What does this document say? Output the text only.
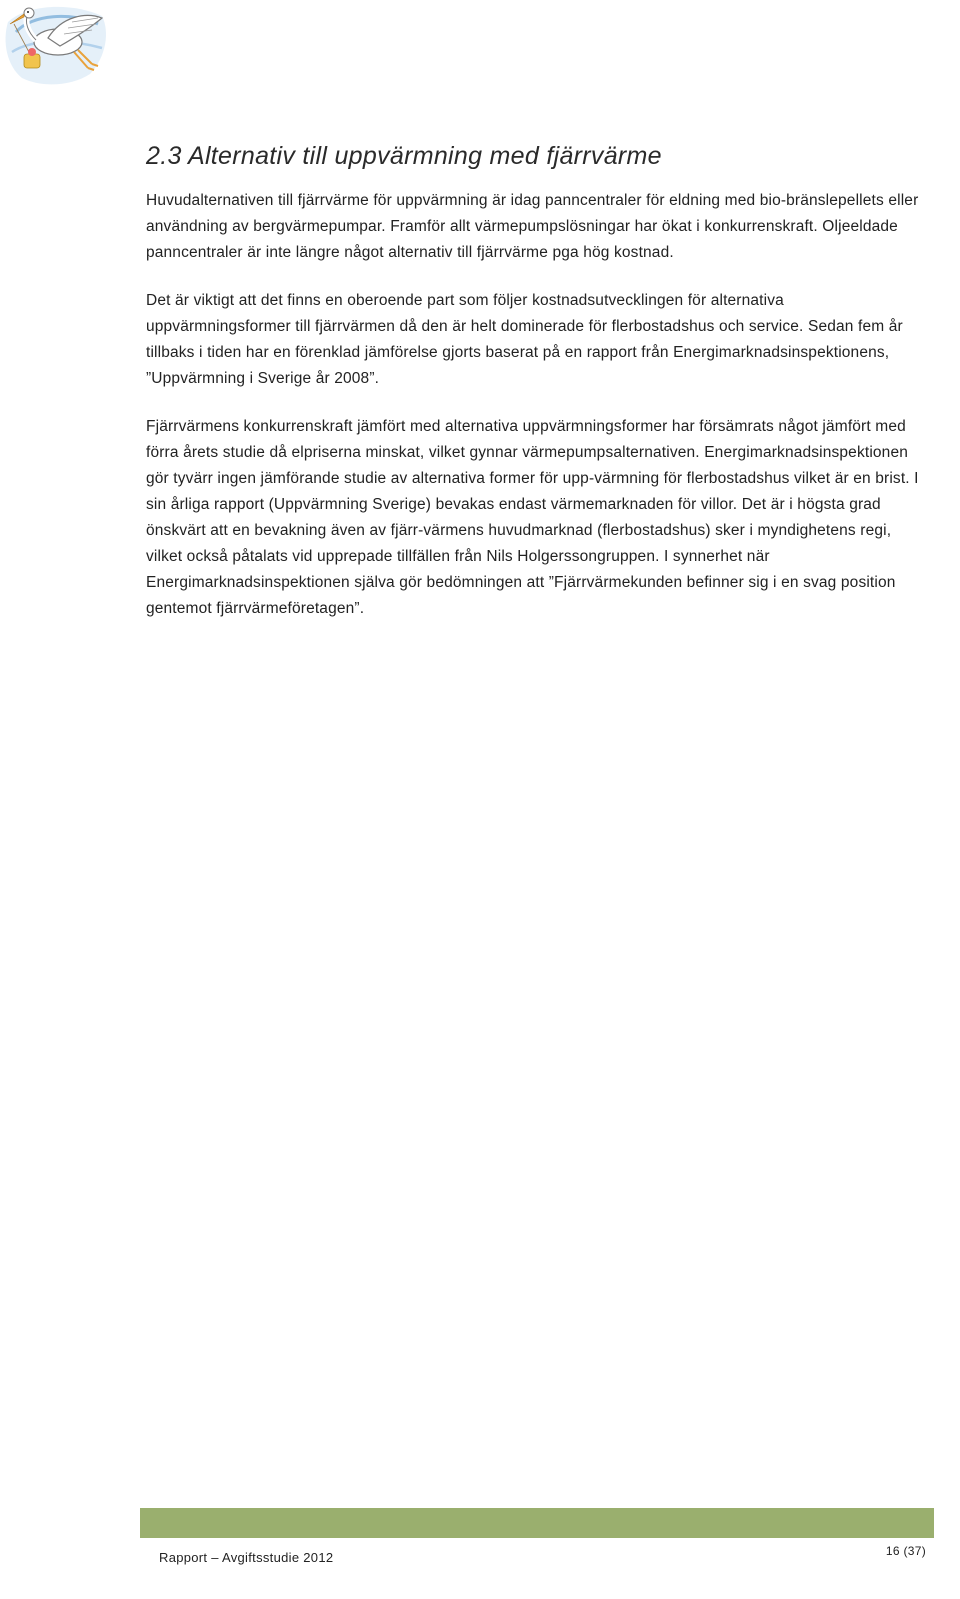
2.3 Alternativ till uppvärmning med fjärrvärme

Huvudalternativen till fjärrvärme för uppvärmning är idag panncentraler för eldning med bio-bränslepellets eller användning av bergvärmepumpar. Framför allt värmepumpslösningar har ökat i konkurrenskraft. Oljeeldade panncentraler är inte längre något alternativ till fjärrvärme pga hög kostnad.

Det är viktigt att det finns en oberoende part som följer kostnadsutvecklingen för alternativa uppvärmningsformer till fjärrvärmen då den är helt dominerade för flerbostadshus och service. Sedan fem år tillbaks i tiden har en förenklad jämförelse gjorts baserat på en rapport från Energimarknadsinspektionens, ”Uppvärmning i Sverige år 2008”.

Fjärrvärmens konkurrenskraft jämfört med alternativa uppvärmningsformer har försämrats något jämfört med förra årets studie då elpriserna minskat, vilket gynnar värmepumpsalternativen. Energimarknadsinspektionen gör tyvärr ingen jämförande studie av alternativa former för upp-värmning för flerbostadshus vilket är en brist. I sin årliga rapport (Uppvärmning Sverige) bevakas endast värmemarknaden för villor. Det är i högsta grad önskvärt att en bevakning även av fjärr-värmens huvudmarknad (flerbostadshus) sker i myndighetens regi, vilket också påtalats vid upprepade tillfällen från Nils Holgerssongruppen. I synnerhet när Energimarknadsinspektionen själva gör bedömningen att ”Fjärrvärmekunden befinner sig i en svag position gentemot fjärrvärmeföretagen”.

Rapport – Avgiftsstudie 2012	16 (37)
